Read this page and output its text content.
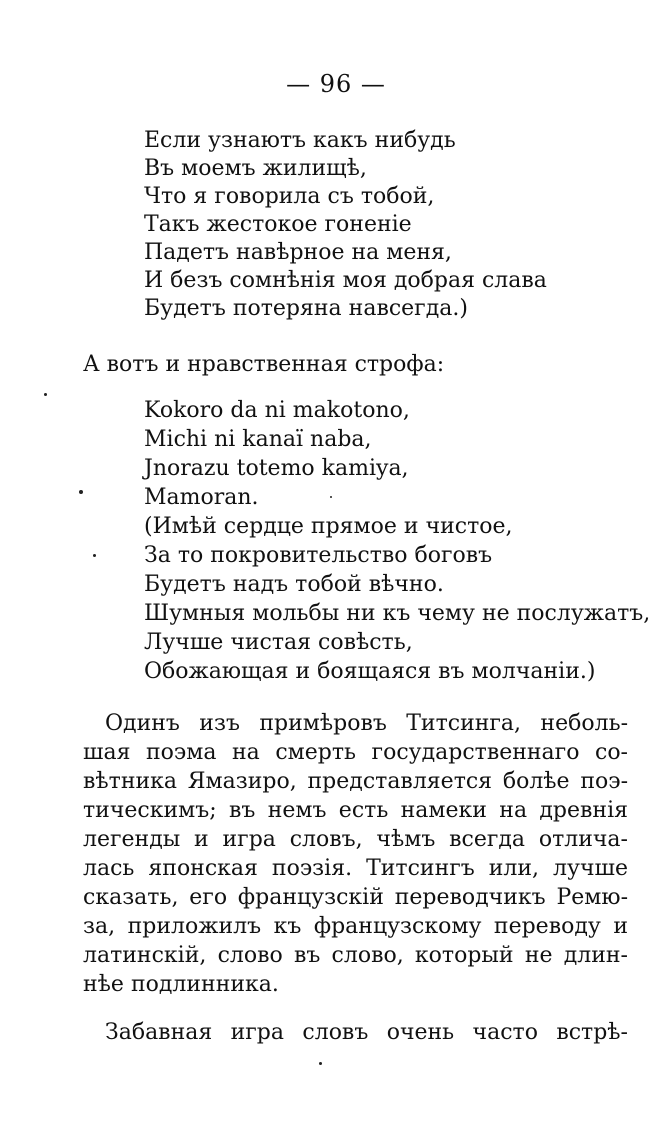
— 96 —
Если узнаютъ какъ нибудь
Въ моемъ жилищѣ,
Что я говорила съ тобой,
Такъ жестокое гоненіе
Падетъ навѣрное на меня,
И безъ сомнѣнія моя добрая слава
Будетъ потеряна навсегда.)
А вотъ и нравственная строфа:
Kokoro da ni makotono,
Michi ni kanaï naba,
Jnorazu totemo kamiya,
Mamoran.
(Имѣй сердце прямое и чистое,
За то покровительство боговъ
Будетъ надъ тобой вѣчно.
Шумныя мольбы ни къ чему не послужатъ,
Лучше чистая совѣсть,
Обожающая и боящаяся въ молчаніи.)
Одинъ изъ примѣровъ Титсинга, неболь-
шая поэма на смерть государственнаго со-
вѣтника Ямазиро, представляется болѣе поэ-
тическимъ; въ немъ есть намеки на древнія
легенды и игра словъ, чѣмъ всегда отлича-
лась японская поэзія. Титсингъ или, лучше
сказать, его французскій переводчикъ Ремю-
за, приложилъ къ французскому переводу и
латинскій, слово въ слово, который не длин-
нѣе подлинника.
Забавная игра словъ очень часто встрѣ-
